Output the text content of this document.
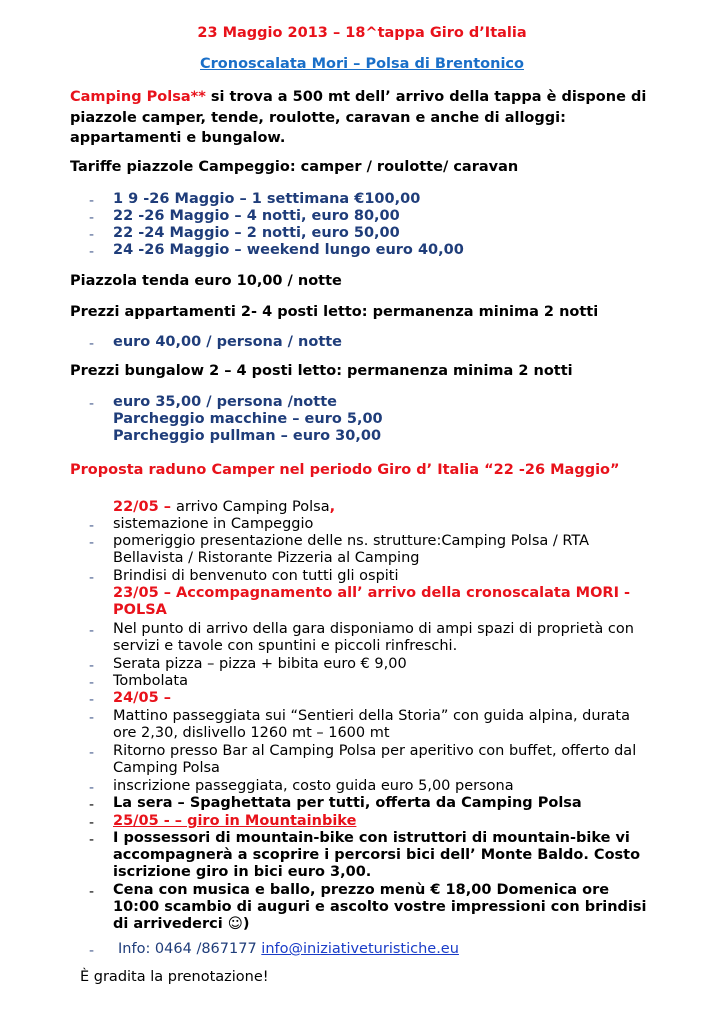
23 Maggio 2013 – 18^tappa Giro d’Italia
Cronoscalata Mori – Polsa di Brentonico
Camping Polsa** si trova a 500 mt dell’ arrivo della tappa è dispone di
piazzole camper, tende, roulotte, caravan e anche di alloggi:
appartamenti e bungalow.
Tariffe piazzole Campeggio: camper / roulotte/ caravan
- 1 9 -26 Maggio – 1 settimana €100,00
- 22 -26 Maggio – 4 notti, euro 80,00
- 22 -24 Maggio – 2 notti, euro 50,00
- 24 -26 Maggio – weekend lungo euro 40,00
Piazzola tenda euro 10,00 / notte
Prezzi appartamenti 2- 4 posti letto: permanenza minima 2 notti
- euro 40,00 / persona / notte
Prezzi bungalow 2 – 4 posti letto: permanenza minima 2 notti
- euro 35,00 / persona /notte
Parcheggio macchine – euro 5,00
Parcheggio pullman – euro 30,00
Proposta raduno Camper nel periodo Giro d’ Italia “22 -26 Maggio”
22/05 – arrivo Camping Polsa,
- sistemazione in Campeggio
- pomeriggio presentazione delle ns. strutture:Camping Polsa / RTA
Bellavista / Ristorante Pizzeria al Camping
- Brindisi di benvenuto con tutti gli ospiti
23/05 – Accompagnamento all’ arrivo della cronoscalata MORI -
POLSA
- Nel punto di arrivo della gara disponiamo di ampi spazi di proprietà con
servizi e tavole con spuntini e piccoli rinfreschi.
- Serata pizza – pizza + bibita euro € 9,00
- Tombolata
- 24/05 –
- Mattino passeggiata sui “Sentieri della Storia” con guida alpina, durata
ore 2,30, dislivello 1260 mt – 1600 mt
- Ritorno presso Bar al Camping Polsa per aperitivo con buffet, offerto dal
Camping Polsa
- inscrizione passeggiata, costo guida euro 5,00 persona
- La sera – Spaghettata per tutti, offerta da Camping Polsa
- 25/05 - – giro in Mountainbike
- I possessori di mountain-bike con istruttori di mountain-bike vi
accompagnerà a scoprire i percorsi bici dell’ Monte Baldo. Costo
iscrizione giro in bici euro 3,00.
- Cena con musica e ballo, prezzo menù € 18,00 Domenica ore
10:00 scambio di auguri e ascolto vostre impressioni con brindisi
di arrivederci ☺)
- Info: 0464 /867177 info@iniziativeturistiche.eu
È gradita la prenotazione!
